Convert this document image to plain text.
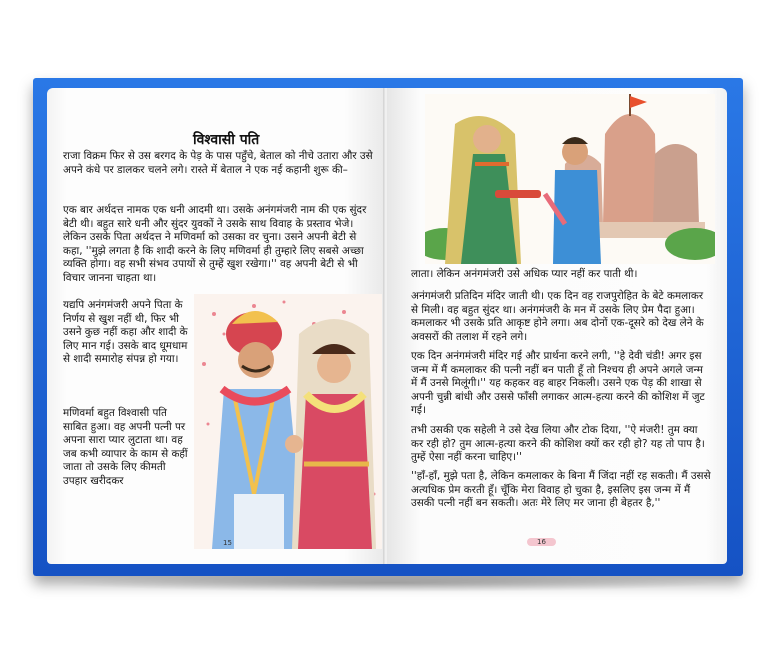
विश्वासी पति
राजा विक्रम फिर से उस बरगद के पेड़ के पास पहुँचे, बेताल को नीचे उतारा और उसे अपने कंधे पर डालकर चलने लगे। रास्ते में बेताल ने एक नई कहानी शुरू की–
एक बार अर्थदत्त नामक एक धनी आदमी था। उसके अनंगमंजरी नाम की एक सुंदर बेटी थी। बहुत सारे धनी और सुंदर युवकों ने उसके साथ विवाह के प्रस्ताव भेजे। लेकिन उसके पिता अर्थदत्त ने मणिवर्मा को उसका वर चुना। उसने अपनी बेटी से कहा, ''मुझे लगता है कि शादी करने के लिए मणिवर्मा ही तुम्हारे लिए सबसे अच्छा व्यक्ति होगा। वह सभी संभव उपायों से तुम्हें खुश रखेगा।'' वह अपनी बेटी से भी विचार जानना चाहता था।
यद्यपि अनंगमंजरी अपने पिता के निर्णय से खुश नहीं थी, फिर भी उसने कुछ नहीं कहा और शादी के लिए मान गई। उसके बाद धूमधाम से शादी समारोह संपन्न हो गया।
मणिवर्मा बहुत विश्वासी पति साबित हुआ। वह अपनी पत्नी पर अपना सारा प्यार लुटाता था। वह जब कभी व्यापार के काम से कहीं जाता तो उसके लिए कीमती उपहार खरीदकर
15
लाता। लेकिन अनंगमंजरी उसे अधिक प्यार नहीं कर पाती थी।
अनंगमंजरी प्रतिदिन मंदिर जाती थी। एक दिन वह राजपुरोहित के बेटे कमलाकर से मिली। वह बहुत सुंदर था। अनंगमंजरी के मन में उसके लिए प्रेम पैदा हुआ। कमलाकर भी उसके प्रति आकृष्ट होने लगा। अब दोनों एक-दूसरे को देख लेने के अवसरों की तलाश में रहने लगे।
एक दिन अनंगमंजरी मंदिर गई और प्रार्थना करने लगी, ''हे देवी चंडी! अगर इस जन्म में मैं कमलाकर की पत्नी नहीं बन पाती हूँ तो निश्चय ही अपने अगले जन्म में मैं उनसे मिलूंगी।'' यह कहकर वह बाहर निकली। उसने एक पेड़ की शाखा से अपनी चुन्नी बांधी और उससे फाँसी लगाकर आत्म-हत्या करने की कोशिश में जुट गई।
तभी उसकी एक सहेली ने उसे देख लिया और टोक दिया, ''ऐ मंजरी! तुम क्या कर रही हो? तुम आत्म-हत्या करने की कोशिश क्यों कर रही हो? यह तो पाप है। तुम्हें ऐसा नहीं करना चाहिए।''
''हाँ-हाँ, मुझे पता है, लेकिन कमलाकर के बिना मैं जिंदा नहीं रह सकती। मैं उससे अत्यधिक प्रेम करती हूँ। चूँकि मेरा विवाह हो चुका है, इसलिए इस जन्म में मैं उसकी पत्नी नहीं बन सकती। अतः मेरे लिए मर जाना ही बेहतर है,''
16
